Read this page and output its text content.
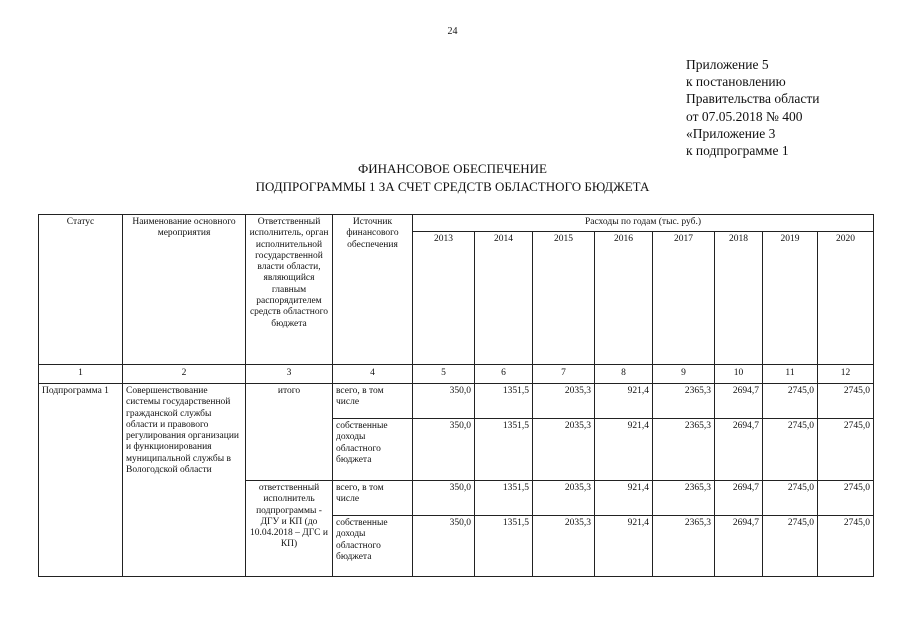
24
Приложение 5
к постановлению
Правительства области
от 07.05.2018 № 400
«Приложение 3
к подпрограмме 1
ФИНАНСОВОЕ ОБЕСПЕЧЕНИЕ
ПОДПРОГРАММЫ 1 ЗА СЧЕТ СРЕДСТВ ОБЛАСТНОГО БЮДЖЕТА
Статус	Наименование основного мероприятия	Ответственный исполнитель, орган исполнительной государственной власти области, являющийся главным распорядителем средств областного бюджета	Источник финансового обеспечения	Расходы по годам (тыс. руб.)							
				2013	2014	2015	2016	2017	2018	2019	2020
1	2	3	4	5	6	7	8	9	10	11	12
Подпрограмма 1	Совершенствование системы государственной гражданской службы области и правового регулирования организации и функционирования муниципальной службы в Вологодской области	итого	всего, в том числе	350,0	1351,5	2035,3	921,4	2365,3	2694,7	2745,0	2745,0
			собственные доходы областного бюджета	350,0	1351,5	2035,3	921,4	2365,3	2694,7	2745,0	2745,0
		ответственный исполнитель подпрограммы - ДГУ и КП (до 10.04.2018 – ДГС и КП)	всего, в том числе	350,0	1351,5	2035,3	921,4	2365,3	2694,7	2745,0	2745,0
			собственные доходы областного бюджета	350,0	1351,5	2035,3	921,4	2365,3	2694,7	2745,0	2745,0
